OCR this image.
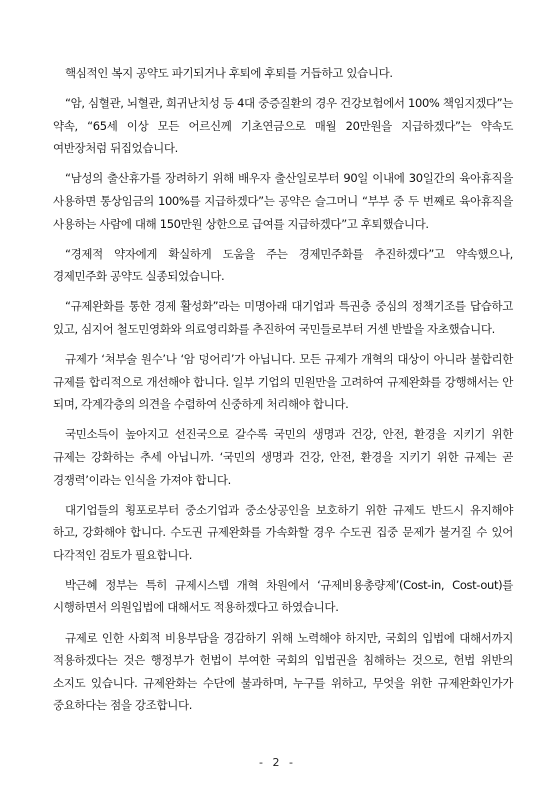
핵심적인 복지 공약도 파기되거나 후퇴에 후퇴를 거듭하고 있습니다.

“암, 심혈관, 뇌혈관, 희귀난치성 등 4대 중증질환의 경우 건강보험에서 100% 책임지겠다”는 약속, “65세 이상 모든 어르신께 기초연금으로 매월 20만원을 지급하겠다”는 약속도 여반장처럼 뒤집었습니다.

“남성의 출산휴가를 장려하기 위해 배우자 출산일로부터 90일 이내에 30일간의 육아휴직을 사용하면 통상임금의 100%를 지급하겠다”는 공약은 슬그머니 “부부 중 두 번째로 육아휴직을 사용하는 사람에 대해 150만원 상한으로 급여를 지급하겠다”고 후퇴했습니다.

“경제적 약자에게 확실하게 도움을 주는 경제민주화를 추진하겠다”고 약속했으나, 경제민주화 공약도 실종되었습니다.

“규제완화를 통한 경제 활성화”라는 미명아래 대기업과 특권층 중심의 정책기조를 답습하고 있고, 심지어 철도민영화와 의료영리화를 추진하여 국민들로부터 거센 반발을 자초했습니다.

규제가 ‘쳐부술 원수’나 ‘암 덩어리’가 아닙니다. 모든 규제가 개혁의 대상이 아니라 불합리한 규제를 합리적으로 개선해야 합니다. 일부 기업의 민원만을 고려하여 규제완화를 강행해서는 안 되며, 각계각층의 의견을 수렴하여 신중하게 처리해야 합니다.

국민소득이 높아지고 선진국으로 갈수록 국민의 생명과 건강, 안전, 환경을 지키기 위한 규제는 강화하는 추세 아닙니까. ‘국민의 생명과 건강, 안전, 환경을 지키기 위한 규제는 곧 경쟁력’이라는 인식을 가져야 합니다.

대기업들의 횡포로부터 중소기업과 중소상공인을 보호하기 위한 규제도 반드시 유지해야 하고, 강화해야 합니다. 수도권 규제완화를 가속화할 경우 수도권 집중 문제가 불거질 수 있어 다각적인 검토가 필요합니다.

박근혜 정부는 특히 규제시스템 개혁 차원에서 ‘규제비용총량제’(Cost-in, Cost-out)를 시행하면서 의원입법에 대해서도 적용하겠다고 하였습니다.

규제로 인한 사회적 비용부담을 경감하기 위해 노력해야 하지만, 국회의 입법에 대해서까지 적용하겠다는 것은 행정부가 헌법이 부여한 국회의 입법권을 침해하는 것으로, 헌법 위반의 소지도 있습니다. 규제완화는 수단에 불과하며, 누구를 위하고, 무엇을 위한 규제완화인가가 중요하다는 점을 강조합니다.

- 2 -
